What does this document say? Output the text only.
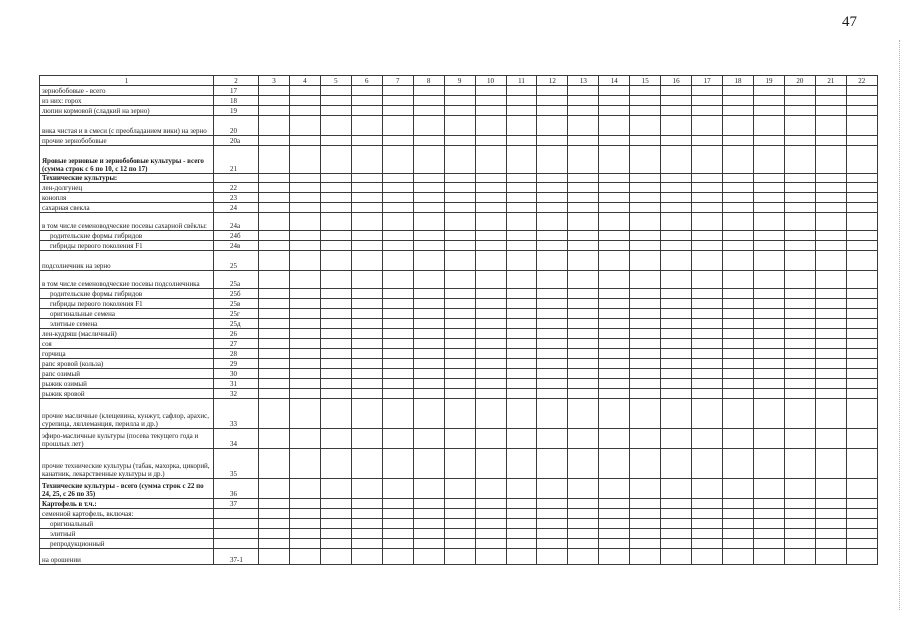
47
1	2	3	4	5	6	7	8	9	10	11	12	13	14	15	16	17	18	19	20	21	22
зернобобовые - всего	17																				
из них: горох	18																				
люпин кормовой (сладкий на зерно)	19																				
вика чистая и в смеси (с преобладанием вики) на зерно	20																				
прочие зернобобовые	20а																				
Яровые зерновые и зернобобовые культуры - всего (сумма строк с 6 по 10, с 12 по 17)	21																				
Технические культуры:																					
лен-долгунец	22																				
конопля	23																				
сахарная свекла	24																				
в том числе семеноводческие посевы сахарной свёклы:	24а																				
родительские формы гибридов	24б																				
гибриды первого поколения F1	24в																				
подсолнечник на зерно	25																				
в том числе семеноводческие посевы подсолнечника	25а																				
родительские формы гибридов	25б																				
гибриды первого поколения F1	25в																				
оригинальные семена	25г																				
элитные семена	25д																				
лен-кудряш (масличный)	26																				
соя	27																				
горчица	28																				
рапс яровой (кольза)	29																				
рапс озимый	30																				
рыжик озимый	31																				
рыжик яровой	32																				
прочие масличные (клещевина, кунжут, сафлор, арахис, сурепица, ляллеманция, перилла и др.)	33																				
эфиро-масличные культуры (посева текущего года и прошлых лет)	34																				
прочие технические культуры (табак, махорка, цикорий, канатник, лекарственные культуры и др.)	35																				
Технические культуры - всего (сумма строк с 22 по 24, 25, с 26 по 35)	36																				
Картофель в т.ч.:	37																				
семенной картофель, включая:																					
оригинальный																					
элитный																					
репродукционный																					
на орошении	37-1																				
